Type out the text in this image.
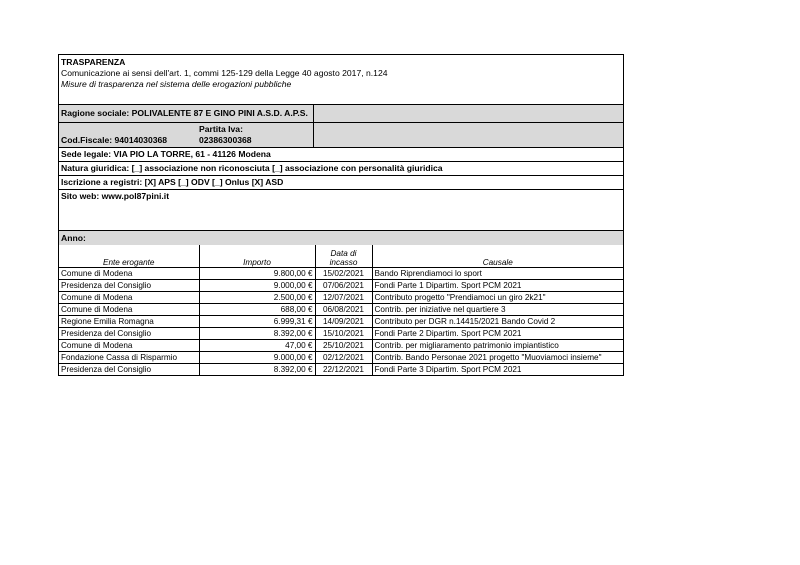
TRASPARENZA
Comunicazione ai sensi dell'art. 1, commi 125-129 della Legge 40 agosto 2017, n.124
Misure di trasparenza nel sistema delle erogazioni pubbliche
Ragione sociale: POLIVALENTE 87 E GINO PINI A.S.D. A.P.S.
Cod.Fiscale: 94014030368
Partita Iva:
02386300368
Sede legale: VIA PIO LA TORRE, 61 - 41126 Modena
Natura giuridica: [_] associazione non riconosciuta [_] associazione con personalità giuridica
Iscrizione a registri: [X] APS [_] ODV [_] Onlus [X] ASD
Sito web: www.pol87pini.it
Anno:
Ente erogante	Importo	Data di incasso	Causale
Comune di Modena	9.800,00 €	15/02/2021	Bando Riprendiamoci lo sport
Presidenza del Consiglio	9.000,00 €	07/06/2021	Fondi Parte 1 Dipartim. Sport PCM 2021
Comune di Modena	2.500,00 €	12/07/2021	Contributo progetto "Prendiamoci un giro 2k21"
Comune di Modena	688,00 €	06/08/2021	Contrib. per iniziative nel quartiere 3
Regione Emilia Romagna	6.999,31 €	14/09/2021	Contributo per DGR n.14415/2021 Bando Covid 2
Presidenza del Consiglio	8.392,00 €	15/10/2021	Fondi Parte 2 Dipartim. Sport PCM 2021
Comune di Modena	47,00 €	25/10/2021	Contrib. per migliaramento patrimonio impiantistico
Fondazione Cassa di Risparmio	9.000,00 €	02/12/2021	Contrib. Bando Personae 2021 progetto "Muoviamoci insieme"
Presidenza del Consiglio	8.392,00 €	22/12/2021	Fondi Parte 3 Dipartim. Sport PCM 2021
